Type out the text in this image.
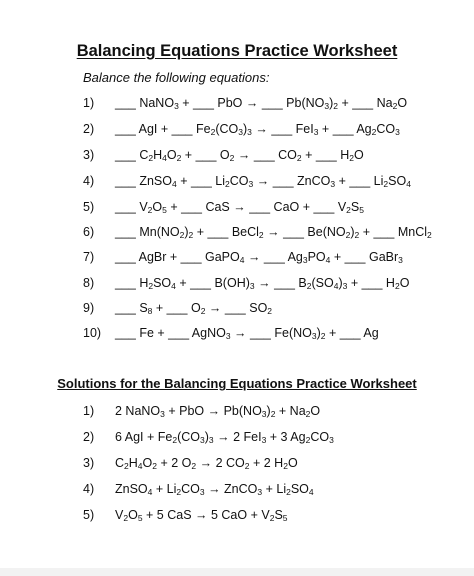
Balancing Equations Practice Worksheet
Balance the following equations:
1) ___ NaNO$_3$ + ___ PbO → ___ $Pb(NO_3)_2$ + ___ $Na_2O$
2) ___ AgI + ___ $Fe_2(CO_3)_3$ → ___ FeI$_3$ + ___ $Ag_2CO_3$
3) ___ $C_2H_4O_2$ + ___ $O_2$ → ___ $CO_2$ + ___ $H_2O$
4) ___ ZnSO$_4$ + ___ $Li_2CO_3$ → ___ ZnCO$_3$ + ___ $Li_2SO_4$
5) ___ $V_2O_5$ + ___ CaS → ___ CaO + ___ $V_2S_5$
6) ___ $Mn(NO_2)_2$ + ___ BeCl$_2$ → ___ $Be(NO_2)_2$ + ___ MnCl$_2$
7) ___ AgBr + ___ GaPO$_4$ → ___ $Ag_3PO_4$ + ___ GaBr$_3$
8) ___ $H_2SO_4$ + ___ $B(OH)_3$ → ___ $B_2(SO_4)_3$ + ___ $H_2O$
9) ___ $S_8$ + ___ $O_2$ → ___ $SO_2$
10) ___ Fe + ___ AgNO$_3$ → ___ $Fe(NO_3)_2$ + ___ Ag
Solutions for the Balancing Equations Practice Worksheet
1) 2 NaNO$_3$ + PbO → $Pb(NO_3)_2 + Na_2O$
2) 6 AgI + $Fe_2(CO_3)_3 \to 2$ FeI$_3$ + 3 $Ag_2CO_3$
3) $C_2H_4O_2 + 2$ $O_2 \to 2$ $CO_2 + 2$ $H_2O$
4) ZnSO$_4$ + $Li_2CO_3$ → ZnCO$_3$ + $Li_2SO_4$
5) $V_2O_5 + 5$ CaS → 5 CaO + $V_2S_5$
